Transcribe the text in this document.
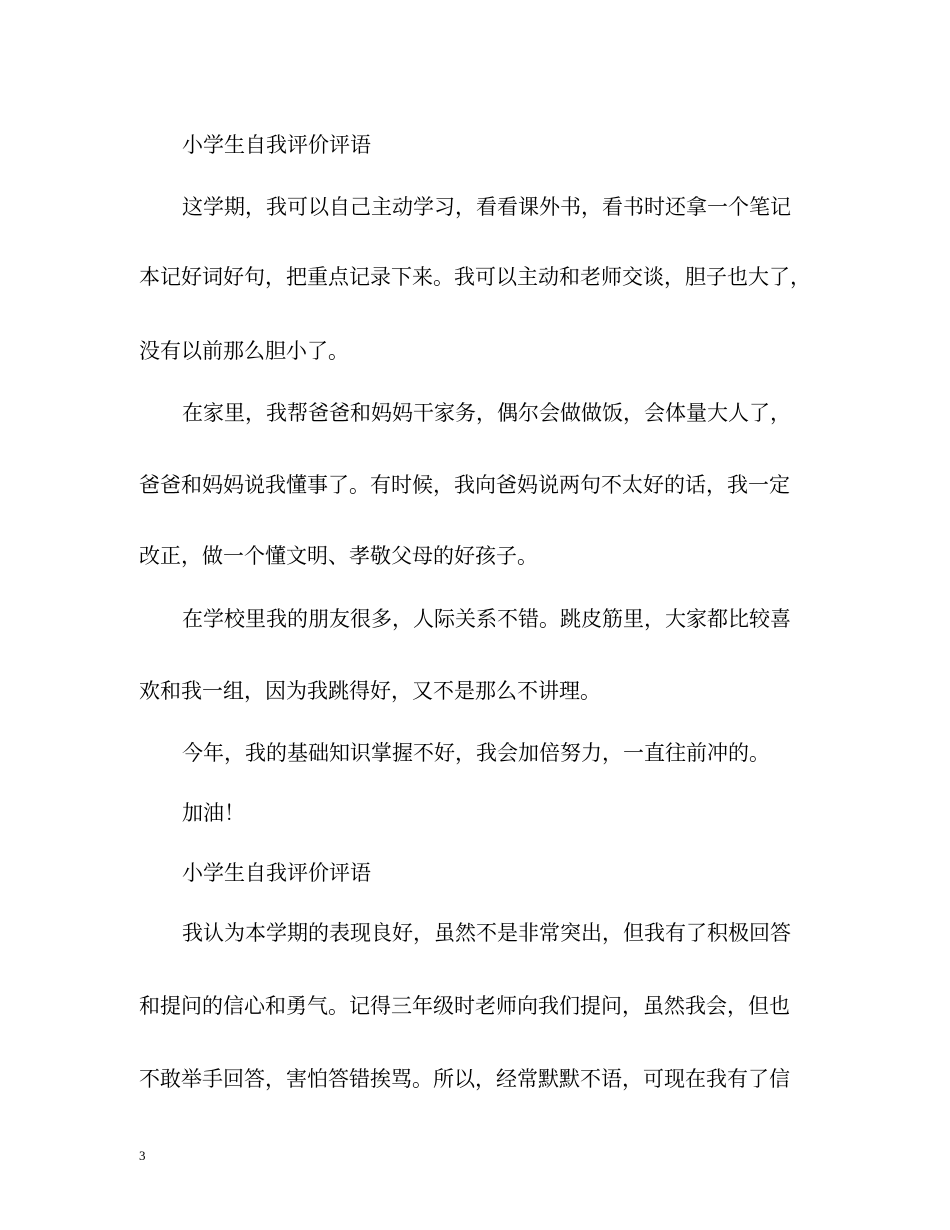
小学生自我评价评语

这学期，我可以自己主动学习，看看课外书，看书时还拿一个笔记

本记好词好句，把重点记录下来。我可以主动和老师交谈，胆子也大了，

没有以前那么胆小了。

在家里，我帮爸爸和妈妈干家务，偶尔会做做饭，会体量大人了，

爸爸和妈妈说我懂事了。有时候，我向爸妈说两句不太好的话，我一定

改正，做一个懂文明、孝敬父母的好孩子。

在学校里我的朋友很多，人际关系不错。跳皮筋里，大家都比较喜

欢和我一组，因为我跳得好，又不是那么不讲理。

今年，我的基础知识掌握不好，我会加倍努力，一直往前冲的。

加油！

小学生自我评价评语

我认为本学期的表现良好，虽然不是非常突出，但我有了积极回答

和提问的信心和勇气。记得三年级时老师向我们提问，虽然我会，但也

不敢举手回答，害怕答错挨骂。所以，经常默默不语，可现在我有了信

3
